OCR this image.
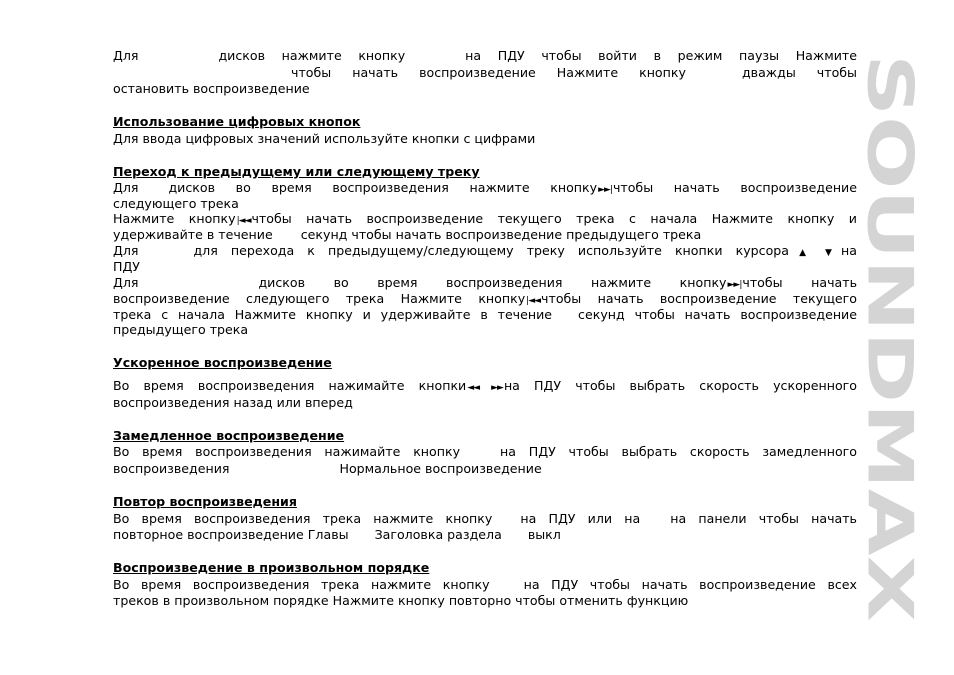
Для	дисков нажмите кнопку	на ПДУ чтобы войти в режим паузы Нажмите
чтобы начать воспроизведение Нажмите кнопку	дважды чтобы
остановить воспроизведение
Использование цифровых кнопок
Для ввода цифровых значений используйте кнопки с цифрами
Переход к предыдущему или следующему треку
Для дисков во время воспроизведения нажмите кнопку►►|чтобы начать воспроизведение
следующего трека
Нажмите кнопку|◄◄чтобы начать воспроизведение текущего трека с начала Нажмите кнопку и
удерживайте в течение секунд чтобы начать воспроизведение предыдущего трека
Для	для перехода к предыдущему/следующему треку используйте кнопки курсора▲ ▼на
ПДУ
Для	дисков во время воспроизведения нажмите кнопку►►|чтобы начать
воспроизведение следующего трека Нажмите кнопку|◄◄чтобы начать воспроизведение текущего
трека с начала Нажмите кнопку и удерживайте в течение секунд чтобы начать воспроизведение
предыдущего трека
Ускоренное воспроизведение
Во время воспроизведения нажимайте кнопки◄◄ ►►на ПДУ чтобы выбрать скорость ускоренного
воспроизведения назад или вперед
Замедленное воспроизведение
Во время воспроизведения нажимайте кнопку	на ПДУ чтобы выбрать скорость замедленного
воспроизведения	Нормальное воспроизведение
Повтор воспроизведения
Во время воспроизведения трека нажмите кнопку на ПДУ или на на панели чтобы начать
повторное воспроизведение Главы Заголовка раздела выкл
Воспроизведение в произвольном порядке
Во время воспроизведения трека нажмите кнопку	на ПДУ чтобы начать воспроизведение всех
треков в произвольном порядке Нажмите кнопку повторно чтобы отменить функцию
SOUNDMAX
